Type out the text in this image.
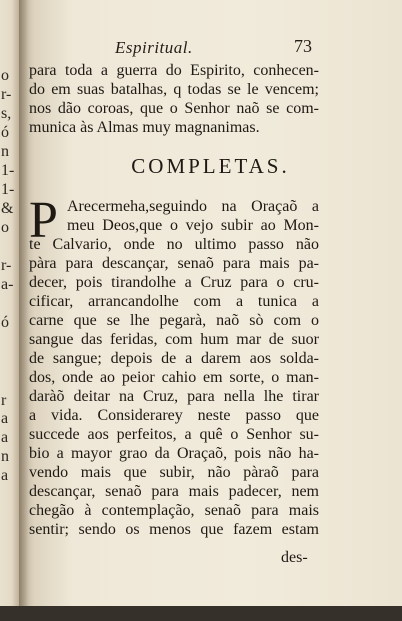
o
r-
s,
ó
n
1-
1-
&
o
r-
a-
ó
r
a
a
n
a
Espiritual.	73
para toda a guerra do Espirito, conhecen-
do em suas batalhas, q todas se le vencem;
nos dão coroas, que o Senhor naõ se com-
munica às Almas muy magnanimas.
COMPLETAS.
P Arecermeha,seguindo na Oraçaõ a
meu Deos,que o vejo subir ao Mon-
te Calvario, onde no ultimo passo não
pàra para descançar, senaõ para mais pa-
decer, pois tirandolhe a Cruz para o cru-
cificar, arrancandolhe com a tunica a
carne que se lhe pegarà, naõ sò com o
sangue das feridas, com hum mar de suor
de sangue; depois de a darem aos solda-
dos, onde ao peior cahio em sorte, o man-
daràõ deitar na Cruz, para nella lhe tirar
a vida. Considerarey neste passo que
succede aos perfeitos, a quê o Senhor su-
bio a mayor grao da Oraçaõ, pois não ha-
vendo mais que subir, não pàraõ para
descançar, senaõ para mais padecer, nem
chegão à contemplação, senaõ para mais
sentir; sendo os menos que fazem estam
des-
